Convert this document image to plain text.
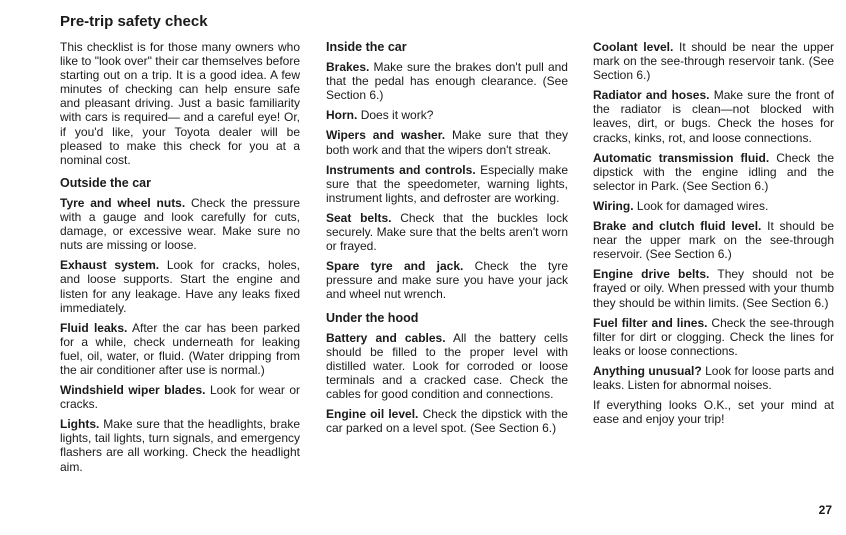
Pre-trip safety check

This checklist is for those many owners who like to "look over" their car themselves before starting out on a trip. It is a good idea. A few minutes of checking can help ensure safe and pleasant driving. Just a basic familiarity with cars is required— and a careful eye! Or, if you'd like, your Toyota dealer will be pleased to make this check for you at a nominal cost.

Outside the car

Tyre and wheel nuts. Check the pressure with a gauge and look carefully for cuts, damage, or excessive wear. Make sure no nuts are missing or loose.

Exhaust system. Look for cracks, holes, and loose supports. Start the engine and listen for any leakage. Have any leaks fixed immediately.

Fluid leaks. After the car has been parked for a while, check underneath for leaking fuel, oil, water, or fluid. (Water dripping from the air conditioner after use is normal.)

Windshield wiper blades. Look for wear or cracks.

Lights. Make sure that the headlights, brake lights, tail lights, turn signals, and emergency flashers are all working. Check the headlight aim.

Inside the car

Brakes. Make sure the brakes don't pull and that the pedal has enough clearance. (See Section 6.)

Horn. Does it work?

Wipers and washer. Make sure that they both work and that the wipers don't streak.

Instruments and controls. Especially make sure that the speedometer, warning lights, instrument lights, and defroster are working.

Seat belts. Check that the buckles lock securely. Make sure that the belts aren't worn or frayed.

Spare tyre and jack. Check the tyre pressure and make sure you have your jack and wheel nut wrench.

Under the hood

Battery and cables. All the battery cells should be filled to the proper level with distilled water. Look for corroded or loose terminals and a cracked case. Check the cables for good condition and connections.

Engine oil level. Check the dipstick with the car parked on a level spot. (See Section 6.)

Coolant level. It should be near the upper mark on the see-through reservoir tank. (See Section 6.)

Radiator and hoses. Make sure the front of the radiator is clean—not blocked with leaves, dirt, or bugs. Check the hoses for cracks, kinks, rot, and loose connections.

Automatic transmission fluid. Check the dipstick with the engine idling and the selector in Park. (See Section 6.)

Wiring. Look for damaged wires.

Brake and clutch fluid level. It should be near the upper mark on the see-through reservoir. (See Section 6.)

Engine drive belts. They should not be frayed or oily. When pressed with your thumb they should be within limits. (See Section 6.)

Fuel filter and lines. Check the see-through filter for dirt or clogging. Check the lines for leaks or loose connections.

Anything unusual? Look for loose parts and leaks. Listen for abnormal noises.

If everything looks O.K., set your mind at ease and enjoy your trip!

27
